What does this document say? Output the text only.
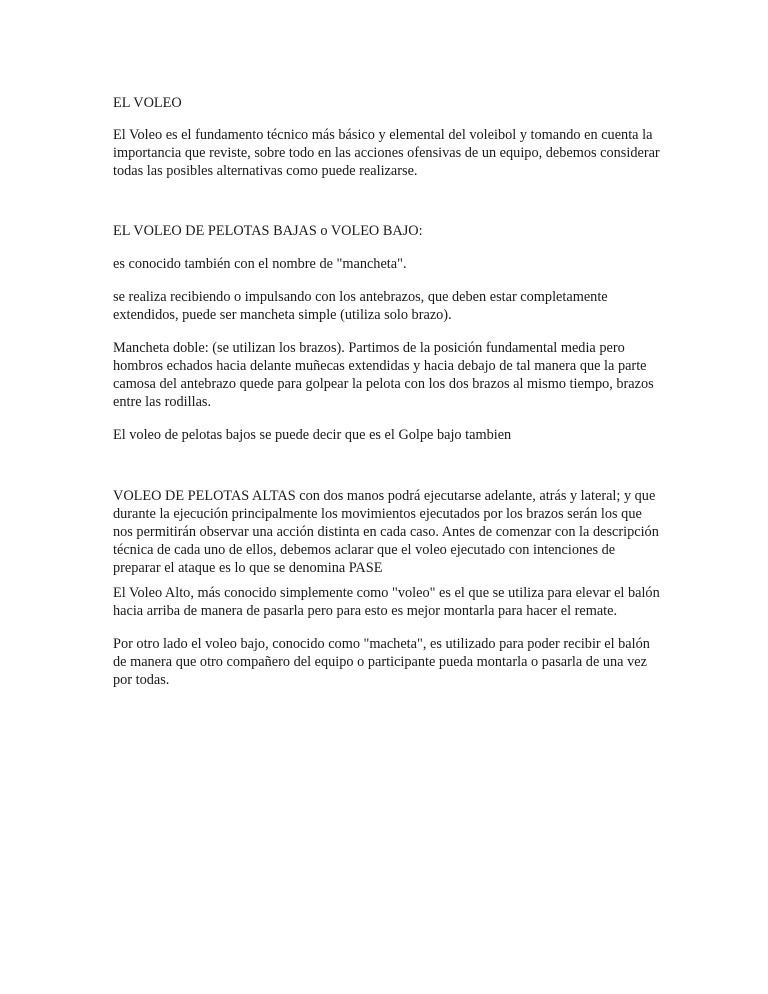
EL VOLEO

El Voleo es el fundamento técnico más básico y elemental del voleibol y tomando en cuenta la importancia que reviste, sobre todo en las acciones ofensivas de un equipo, debemos considerar todas las posibles alternativas como puede realizarse.

EL VOLEO DE PELOTAS BAJAS o VOLEO BAJO:

es conocido también con el nombre de "mancheta".

se realiza recibiendo o impulsando con los antebrazos, que deben estar completamente extendidos, puede ser mancheta simple (utiliza solo brazo).

Mancheta doble: (se utilizan los brazos). Partimos de la posición fundamental media pero hombros echados hacia delante muñecas extendidas y hacia debajo de tal manera que la parte camosa del antebrazo quede para golpear la pelota con los dos brazos al mismo tiempo, brazos entre las rodillas.

El voleo de pelotas bajos se puede decir que es el Golpe bajo tambien

VOLEO DE PELOTAS ALTAS con dos manos podrá ejecutarse adelante, atrás y lateral; y que durante la ejecución principalmente los movimientos ejecutados por los brazos serán los que nos permitirán observar una acción distinta en cada caso. Antes de comenzar con la descripción técnica de cada uno de ellos, debemos aclarar que el voleo ejecutado con intenciones de preparar el ataque es lo que se denomina PASE

El Voleo Alto, más conocido simplemente como "voleo" es el que se utiliza para elevar el balón hacia arriba de manera de pasarla pero para esto es mejor montarla para hacer el remate.

Por otro lado el voleo bajo, conocido como "macheta", es utilizado para poder recibir el balón de manera que otro compañero del equipo o participante pueda montarla o pasarla de una vez por todas.
